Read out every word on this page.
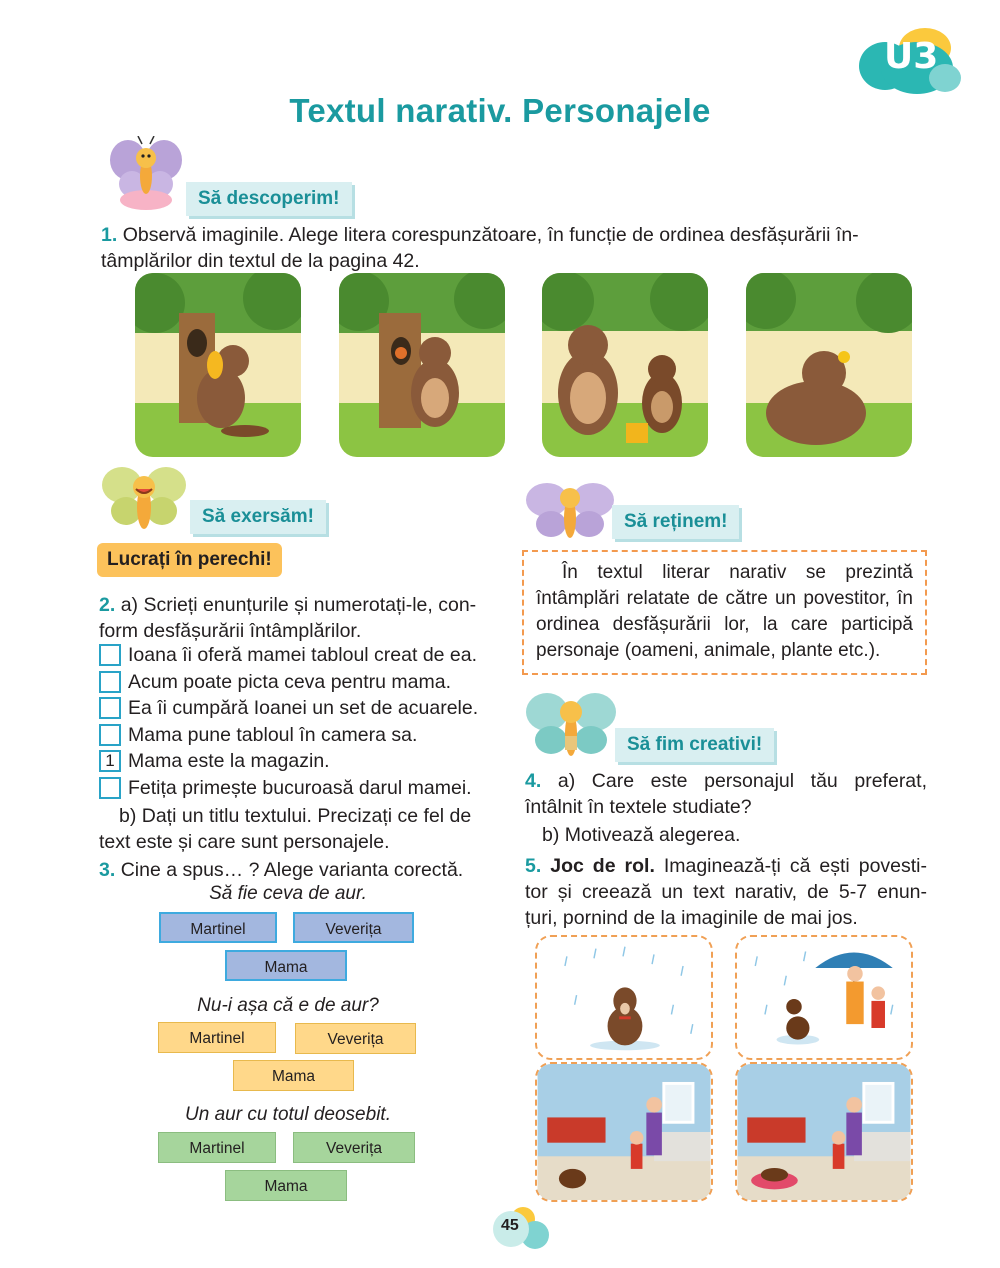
U3
Textul narativ. Personajele
Să descoperim!
1. Observă imaginile. Alege litera corespunzătoare, în funcție de ordinea desfășurării în-
tâmplărilor din textul de la pagina 42.
Să exersăm!
Lucrați în perechi!
2. a) Scrieți enunțurile și numerotați-le, con-
form desfășurării întâmplărilor.
Ioana îi oferă mamei tabloul creat de ea.
Acum poate picta ceva pentru mama.
Ea îi cumpără Ioanei un set de acuarele.
Mama pune tabloul în camera sa.
1 Mama este la magazin.
Fetița primește bucuroasă darul mamei.
b) Dați un titlu textului. Precizați ce fel de
text este și care sunt personajele.
3. Cine a spus… ? Alege varianta corectă.
Să fie ceva de aur.
Martinel	Veverița
Mama
Nu-i așa că e de aur?
Martinel	Veverița
Mama
Un aur cu totul deosebit.
Martinel	Veverița
Mama
Să reținem!
În textul literar narativ se prezintă întâmplări relatate de către un povestitor, în ordinea desfășurării lor, la care participă personaje (oameni, animale, plante etc.).
Să fim creativi!
4. a) Care este personajul tău preferat,
întâlnit în textele studiate?
b) Motivează alegerea.
5. Joc de rol. Imaginează-ți că ești povesti-
tor și creează un text narativ, de 5-7 enun-
țuri, pornind de la imaginile de mai jos.
45
